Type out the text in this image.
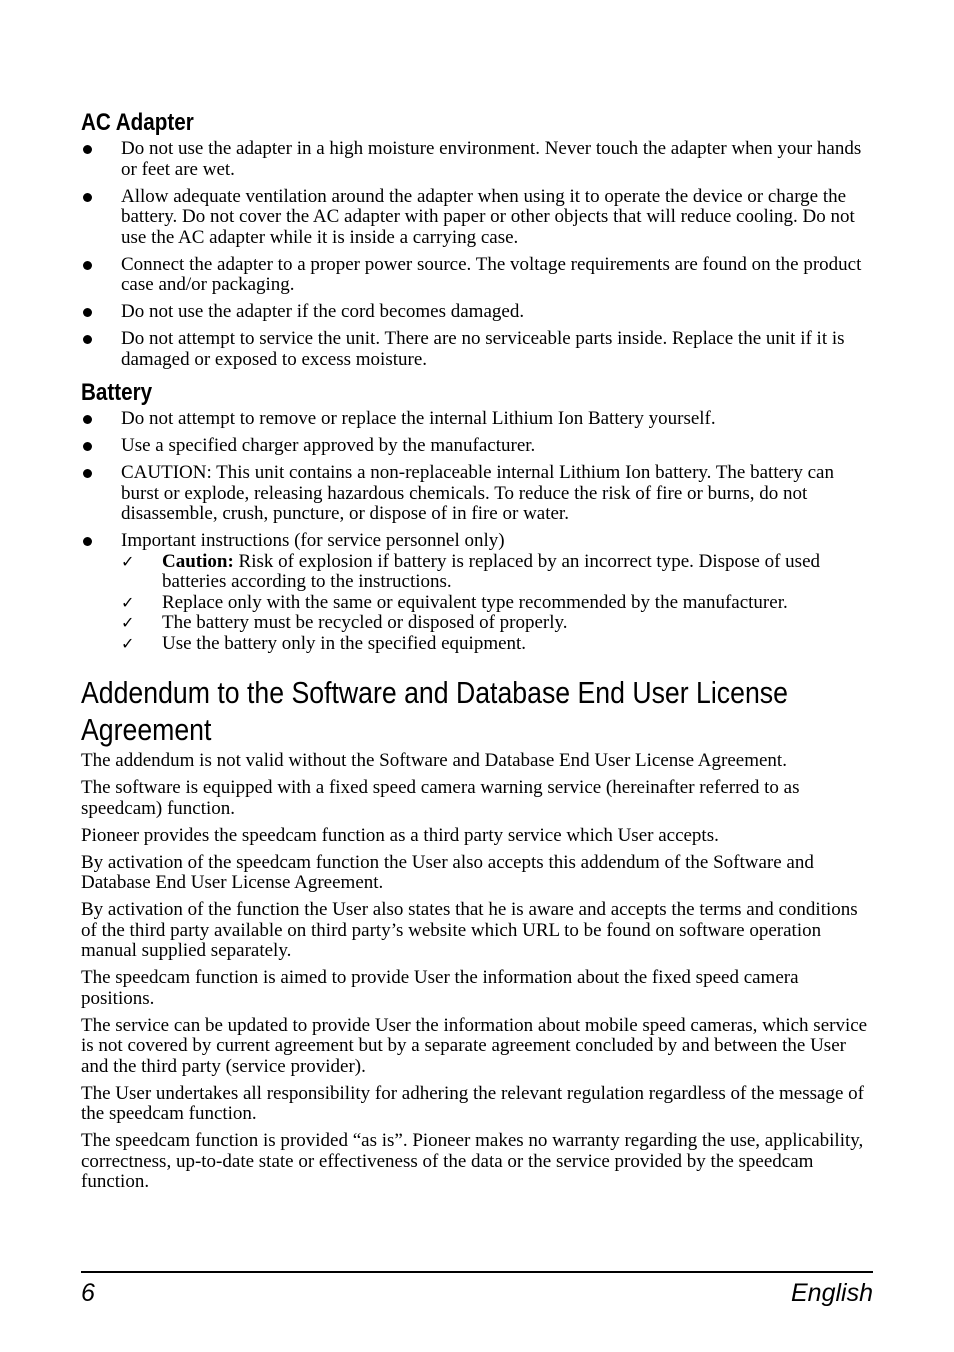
AC Adapter
Do not use the adapter in a high moisture environment. Never touch the adapter when your hands or feet are wet.
Allow adequate ventilation around the adapter when using it to operate the device or charge the battery. Do not cover the AC adapter with paper or other objects that will reduce cooling. Do not use the AC adapter while it is inside a carrying case.
Connect the adapter to a proper power source. The voltage requirements are found on the product case and/or packaging.
Do not use the adapter if the cord becomes damaged.
Do not attempt to service the unit. There are no serviceable parts inside. Replace the unit if it is damaged or exposed to excess moisture.
Battery
Do not attempt to remove or replace the internal Lithium Ion Battery yourself.
Use a specified charger approved by the manufacturer.
CAUTION: This unit contains a non-replaceable internal Lithium Ion battery. The battery can burst or explode, releasing hazardous chemicals. To reduce the risk of fire or burns, do not disassemble, crush, puncture, or dispose of in fire or water.
Important instructions (for service personnel only)
✓ Caution: Risk of explosion if battery is replaced by an incorrect type. Dispose of used batteries according to the instructions.
✓ Replace only with the same or equivalent type recommended by the manufacturer.
✓ The battery must be recycled or disposed of properly.
✓ Use the battery only in the specified equipment.
Addendum to the Software and Database End User License
Agreement

The addendum is not valid without the Software and Database End User License Agreement.

The software is equipped with a fixed speed camera warning service (hereinafter referred to as speedcam) function.

Pioneer provides the speedcam function as a third party service which User accepts.

By activation of the speedcam function the User also accepts this addendum of the Software and Database End User License Agreement.

By activation of the function the User also states that he is aware and accepts the terms and conditions of the third party available on third party’s website which URL to be found on software operation manual supplied separately.

The speedcam function is aimed to provide User the information about the fixed speed camera positions.

The service can be updated to provide User the information about mobile speed cameras, which service is not covered by current agreement but by a separate agreement concluded by and between the User and the third party (service provider).

The User undertakes all responsibility for adhering the relevant regulation regardless of the message of the speedcam function.

The speedcam function is provided “as is”. Pioneer makes no warranty regarding the use, applicability, correctness, up-to-date state or effectiveness of the data or the service provided by the speedcam function.

6	English
